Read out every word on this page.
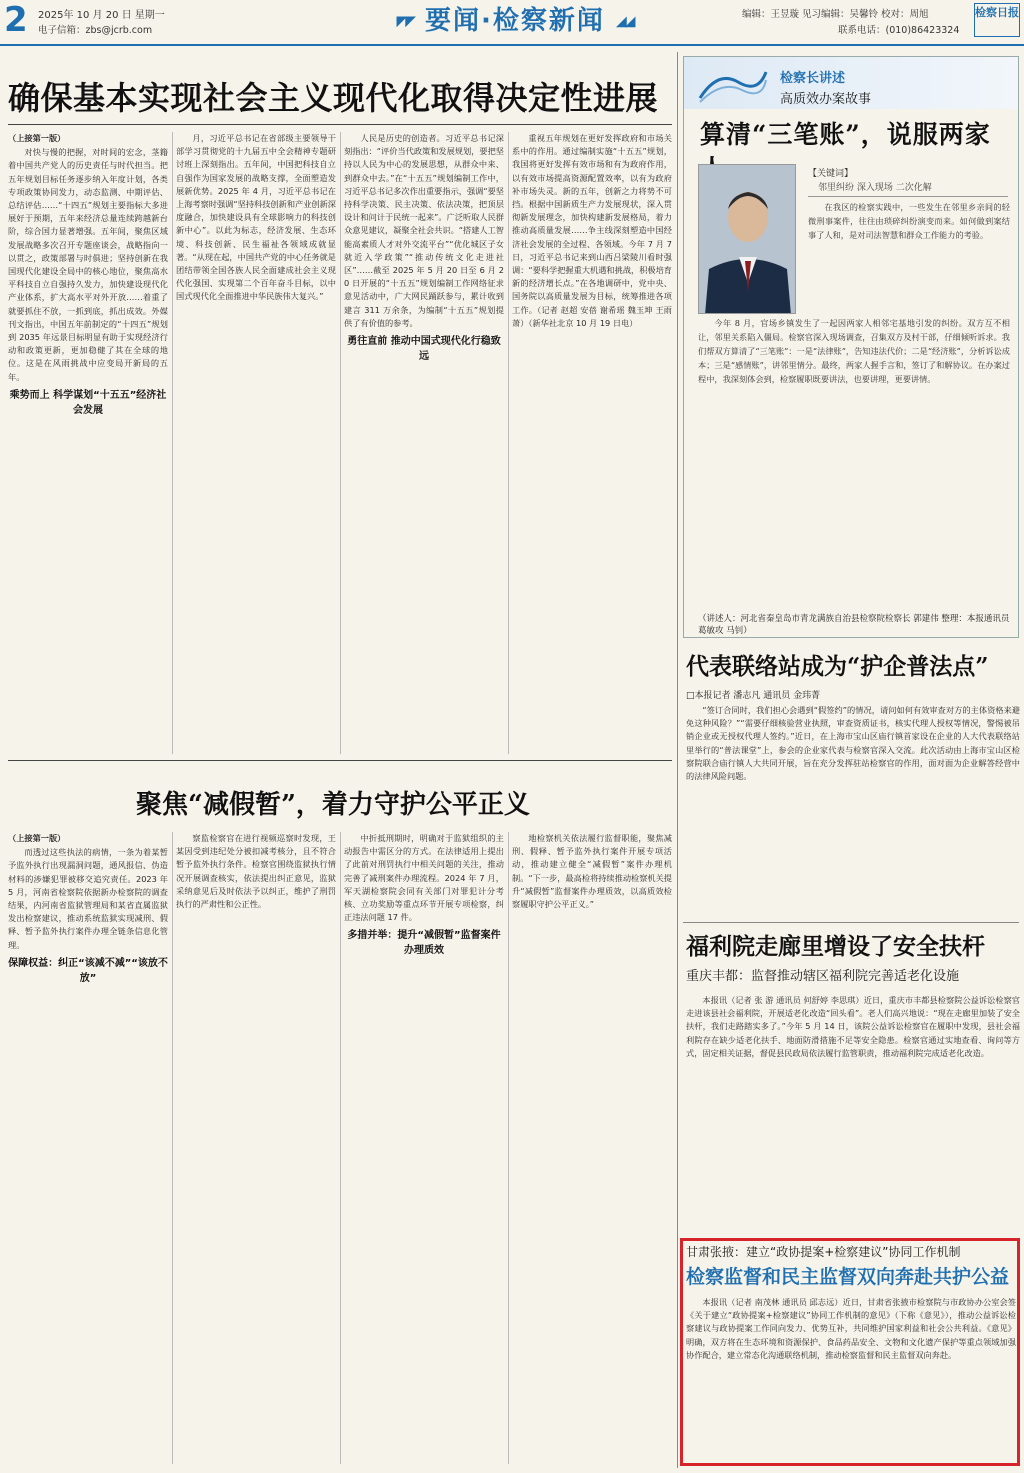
2 2025年 10 月 20 日 星期一
电子信箱：zbs@jcrb.com
◤◤ 要闻·检察新闻 ◢◢	编辑：王昱璇 见习编辑：吴馨铃 校对：周旭
联系电话：(010)86423324
检察日报
确保基本实现社会主义现代化取得决定性进展

（上接第一版）

对快与慢的把握，对时间的宏念，茎籍着中国共产党人的历史责任与时代担当。把五年规划目标任务逐步纳入年度计划，各类专项政策协同发力，动态监测、中期评估、总结评估……“十四五”规划主要指标大多进展好于预期，五年来经济总量连续跨越新台阶，综合国力显著增强。五年间，聚焦区域发展战略多次召开专题座谈会，战略指向一以贯之，政策部署与时俱进；坚持创新在我国现代化建设全局中的核心地位，聚焦高水平科技自立自强持久发力，加快建设现代化产业体系，扩大高水平对外开放……着重了就要抓住不放，一抓到底，抓出成效。外媒刊文指出，中国五年前制定的“十四五”规划到 2035 年远景目标明显有助于实现经济行动和政策更新，更加稳健了其在全球的地位。这是在风雨挑战中应变局开新局的五年。

乘势而上 科学谋划“十五五”经济社会发展

月，习近平总书记在省部级主要领导干部学习贯彻党的十九届五中全会精神专题研讨班上深刻指出。五年间，中国把科技自立自强作为国家发展的战略支撑，全面塑造发展新优势。2025 年 4 月，习近平总书记在上海考察时强调“坚持科技创新和产业创新深度融合，加快建设具有全球影响力的科技创新中心”。以此为标志，经济发展、生态环境、科技创新、民生福祉各领域成就显著。“从现在起，中国共产党的中心任务就是团结带领全国各族人民全面建成社会主义现代化强国、实现第二个百年奋斗目标，以中国式现代化全面推进中华民族伟大复兴。”

人民是历史的创造者。习近平总书记深刻指出：“评价当代政策和发展规划，要把坚持以人民为中心的发展思想，从群众中来、到群众中去。”在“十五五”规划编制工作中，习近平总书记多次作出重要指示，强调“要坚持科学决策、民主决策、依法决策，把顶层设计和问计于民统一起来”。广泛听取人民群众意见建议，凝聚全社会共识。“搭建人工智能高素质人才对外交流平台”“优化城区子女就近入学政策”“推动传统文化走进社区”……截至 2025 年 5 月 20 日至 6 月 20 日开展的“十五五”规划编制工作网络征求意见活动中，广大网民踊跃参与，累计收到建言 311 万余条，为编制“十五五”规划提供了有价值的参考。

勇往直前 推动中国式现代化行稳致远

重视五年规划在更好发挥政府和市场关系中的作用。通过编制实施“十五五”规划，我国将更好发挥有效市场和有为政府作用，以有效市场提高资源配置效率，以有为政府补市场失灵。新的五年，创新之力将势不可挡。根据中国新质生产力发展现状，深入贯彻新发展理念，加快构建新发展格局，着力推动高质量发展……争主线深刻塑造中国经济社会发展的全过程、各领域。今年 7 月 7 日，习近平总书记来到山西吕梁陵川看时强调：“要科学把握重大机遇和挑战，积极培育新的经济增长点。”在各地调研中，党中央、国务院以高质量发展为目标，统筹推进各项工作。（记者 赵超 安蓓 谢希瑶 魏玉坤 王雨萧）（新华社北京 10 月 19 日电）

聚焦“减假暂”，着力守护公平正义

（上接第一版）

而透过这些执法的病情，一条为着某暂予监外执行出现漏洞问题，通风报信、伪造材料的涉嫌犯罪被移交追究责任。2023 年 5 月，河南省检察院依据新办检察院的调查结果，内河南省监狱管理局和某省直属监狱发出检察建议，推动系统监狱实现减刑、假释、暂予监外执行案件办理全链条信息化管理。

保障权益：纠正“该减不减”“该放不放”

察监检察官在进行视频巡察时发现，王某因受到违纪处分被扣减考核分，且不符合暂予监外执行条件。检察官围绕监狱执行情况开展调查核实，依法提出纠正意见，监狱采纳意见后及时依法予以纠正，维护了刑罚执行的严肃性和公正性。

中折抵刑期时，明确对于监狱组织的主动报告中需区分的方式。在法律适用上提出了此前对刑罚执行中相关问题的关注，推动完善了减刑案件办理流程。2024 年 7 月，军天湖检察院会同有关部门对罪犯计分考核、立功奖励等重点环节开展专项检察，纠正违法问题 17 件。

多措并举：提升“减假暂”监督案件办理质效

地检察机关依法履行监督职能，聚焦减刑、假释、暂予监外执行案件开展专项活动，推动建立健全“减假暂”案件办理机制。“下一步，最高检将持续推动检察机关提升“减假暂”监督案件办理质效，以高质效检察履职守护公平正义。”

检察长讲述
高质效办案故事
算清“三笔账”，说服两家
【关键词】
邻里纠纷 深入现场 二次化解

在我区的检察实践中，一些发生在邻里乡亲间的轻微刑事案件，往往由琐碎纠纷演变而来。如何做到案结事了人和，是对司法智慧和群众工作能力的考验。

今年 8 月，官场乡镇发生了一起因两家人相邻宅基地引发的纠纷。双方互不相让，邻里关系陷入僵局。检察官深入现场调查，召集双方及村干部，仔细倾听诉求。我们帮双方算清了“三笔账”：一是“法律账”，告知违法代价；二是“经济账”，分析诉讼成本；三是“感情账”，讲邻里情分。最终，两家人握手言和，签订了和解协议。在办案过程中，我深刻体会到，检察履职既要讲法，也要讲理，更要讲情。

（讲述人：河北省秦皇岛市青龙满族自治县检察院检察长 郭建伟 整理：本报通讯员 葛敏攻 马钊）
代表联络站成为“护企普法点”
□本报记者 潘志凡 通讯员 金玮菁

“签订合同时，我们担心会遇到“假签约”的情况，请问如何有效审查对方的主体资格来避免这种风险？”“需要仔细核验营业执照，审查资质证书，核实代理人授权等情况，警惕被吊销企业或无授权代理人签约。”近日，在上海市宝山区庙行镇首家设在企业的人大代表联络站里举行的“普法课堂”上，参会的企业家代表与检察官深入交流。此次活动由上海市宝山区检察院联合庙行镇人大共同开展，旨在充分发挥驻站检察官的作用，面对面为企业解答经营中的法律风险问题。

福利院走廊里增设了安全扶杆
重庆丰都：监督推动辖区福利院完善适老化设施

本报讯（记者 张 游 通讯员 何舒婷 李思琪）近日，重庆市丰都县检察院公益诉讼检察官走进该县社会福利院，开展适老化改造“回头看”。老人们高兴地说：“现在走廊里加装了安全扶杆，我们走路踏实多了。”今年 5 月 14 日，该院公益诉讼检察官在履职中发现，县社会福利院存在缺少适老化扶手、地面防滑措施不足等安全隐患。检察官通过实地查看、询问等方式，固定相关证据，督促县民政局依法履行监管职责，推动福利院完成适老化改造。

甘肃张掖：建立“政协提案+检察建议”协同工作机制
检察监督和民主监督双向奔赴共护公益

本报讯（记者 南茂林 通讯员 邱志远）近日，甘肃省张掖市检察院与市政协办公室会签《关于建立“政协提案+检察建议”协同工作机制的意见》（下称《意见》），推动公益诉讼检察建议与政协提案工作同向发力、优势互补，共同维护国家利益和社会公共利益。《意见》明确，双方将在生态环境和资源保护、食品药品安全、文物和文化遗产保护等重点领域加强协作配合，建立常态化沟通联络机制，推动检察监督和民主监督双向奔赴。
